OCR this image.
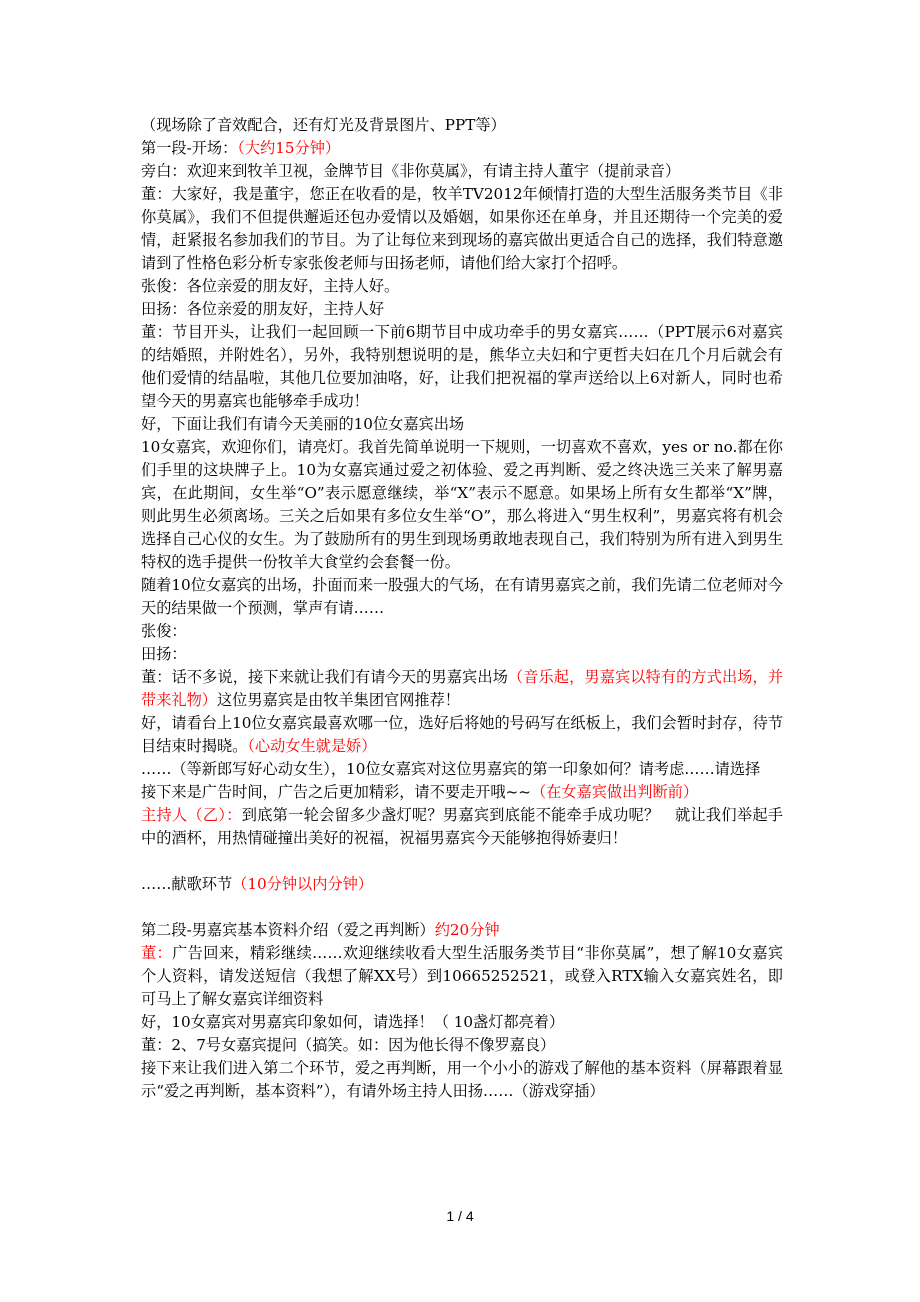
（现场除了音效配合，还有灯光及背景图片、PPT等）

第一段-开场：（大约15分钟）

旁白：欢迎来到牧羊卫视，金牌节目《非你莫属》，有请主持人董宇（提前录音）

董：大家好，我是董宇，您正在收看的是，牧羊TV2012年倾情打造的大型生活服务类节目《非你莫属》，我们不但提供邂逅还包办爱情以及婚姻，如果你还在单身，并且还期待一个完美的爱情，赶紧报名参加我们的节目。为了让每位来到现场的嘉宾做出更适合自己的选择，我们特意邀请到了性格色彩分析专家张俊老师与田扬老师，请他们给大家打个招呼。

张俊：各位亲爱的朋友好，主持人好。

田扬：各位亲爱的朋友好，主持人好

董：节目开头，让我们一起回顾一下前6期节目中成功牵手的男女嘉宾……（PPT展示6对嘉宾的结婚照，并附姓名），另外，我特别想说明的是，熊华立夫妇和宁更哲夫妇在几个月后就会有他们爱情的结晶啦，其他几位要加油咯，好，让我们把祝福的掌声送给以上6对新人，同时也希望今天的男嘉宾也能够牵手成功！

好，下面让我们有请今天美丽的10位女嘉宾出场

10女嘉宾，欢迎你们，请亮灯。我首先简单说明一下规则，一切喜欢不喜欢，yes or no.都在你们手里的这块牌子上。10为女嘉宾通过爱之初体验、爱之再判断、爱之终决选三关来了解男嘉宾，在此期间，女生举“O”表示愿意继续，举“X”表示不愿意。如果场上所有女生都举“X”牌，则此男生必须离场。三关之后如果有多位女生举“O”，那么将进入“男生权利”，男嘉宾将有机会选择自己心仪的女生。为了鼓励所有的男生到现场勇敢地表现自己，我们特别为所有进入到男生特权的选手提供一份牧羊大食堂约会套餐一份。

随着10位女嘉宾的出场，扑面而来一股强大的气场，在有请男嘉宾之前，我们先请二位老师对今天的结果做一个预测，掌声有请……

张俊：

田扬：

董：话不多说，接下来就让我们有请今天的男嘉宾出场（音乐起，男嘉宾以特有的方式出场，并带来礼物）这位男嘉宾是由牧羊集团官网推荐！

好，请看台上10位女嘉宾最喜欢哪一位，选好后将她的号码写在纸板上，我们会暂时封存，待节目结束时揭晓。（心动女生就是娇）

……（等新郎写好心动女生），10位女嘉宾对这位男嘉宾的第一印象如何？请考虑……请选择

接下来是广告时间，广告之后更加精彩，请不要走开哦~~（在女嘉宾做出判断前）

主持人（乙）：到底第一轮会留多少盏灯呢？男嘉宾到底能不能牵手成功呢？　就让我们举起手中的酒杯，用热情碰撞出美好的祝福，祝福男嘉宾今天能够抱得娇妻归！

……献歌环节（10分钟以内分钟）

第二段-男嘉宾基本资料介绍（爱之再判断）约20分钟

董：广告回来，精彩继续……欢迎继续收看大型生活服务类节目“非你莫属”，想了解10女嘉宾个人资料，请发送短信（我想了解XX号）到10665252521，或登入RTX输入女嘉宾姓名，即可马上了解女嘉宾详细资料

好，10女嘉宾对男嘉宾印象如何，请选择！（ 10盏灯都亮着）

董：2、7号女嘉宾提问（搞笑。如：因为他长得不像罗嘉良）

接下来让我们进入第二个环节，爱之再判断，用一个小小的游戏了解他的基本资料（屏幕跟着显示“爱之再判断，基本资料”），有请外场主持人田扬……（游戏穿插）

1 / 4
